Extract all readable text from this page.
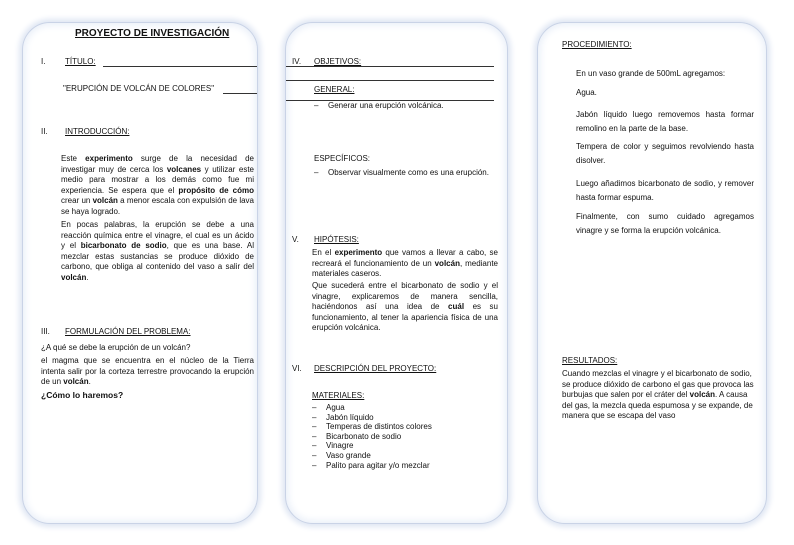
PROYECTO DE INVESTIGACIÓN
I. TÍTULO:
"ERUPCIÓN DE VOLCÁN DE COLORES"
II. INTRODUCCIÓN:
Este experimento surge de la necesidad de investigar muy de cerca los volcanes y utilizar este medio para mostrar a los demás como fue mi experiencia. Se espera que el propósito de cómo crear un volcán a menor escala con expulsión de lava se haya logrado.
En pocas palabras, la erupción se debe a una reacción química entre el vinagre, el cual es un ácido y el bicarbonato de sodio, que es una base. Al mezclar estas sustancias se produce dióxido de carbono, que obliga al contenido del vaso a salir del volcán.
III. FORMULACIÓN DEL PROBLEMA:
¿A qué se debe la erupción de un volcán?
el magma que se encuentra en el núcleo de la Tierra intenta salir por la corteza terrestre provocando la erupción de un volcán.
¿Cómo lo haremos?
IV. OBJETIVOS:
GENERAL:
– Generar una erupción volcánica.
ESPECÍFICOS:
– Observar visualmente como es una erupción.
V. HIPÓTESIS:
En el experimento que vamos a llevar a cabo, se recreará el funcionamiento de un volcán, mediante materiales caseros.
Que sucederá entre el bicarbonato de sodio y el vinagre, explicaremos de manera sencilla, haciéndonos así una idea de cuál es su funcionamiento, al tener la apariencia física de una erupción volcánica.
VI. DESCRIPCIÓN DEL PROYECTO:
MATERIALES:
– Agua
– Jabón líquido
– Temperas de distintos colores
– Bicarbonato de sodio
– Vinagre
– Vaso grande
– Palito para agitar y/o mezclar
PROCEDIMIENTO:
En un vaso grande de 500mL agregamos:
Agua.
Jabón líquido luego removemos hasta formar remolino en la parte de la base.
Tempera de color y seguimos revolviendo hasta disolver.
Luego añadimos bicarbonato de sodio, y remover hasta formar espuma.
Finalmente, con sumo cuidado agregamos vinagre y se forma la erupción volcánica.
RESULTADOS:
Cuando mezclas el vinagre y el bicarbonato de sodio, se produce dióxido de carbono el gas que provoca las burbujas que salen por el cráter del volcán. A causa del gas, la mezcla queda espumosa y se expande, de manera que se escapa del vaso
